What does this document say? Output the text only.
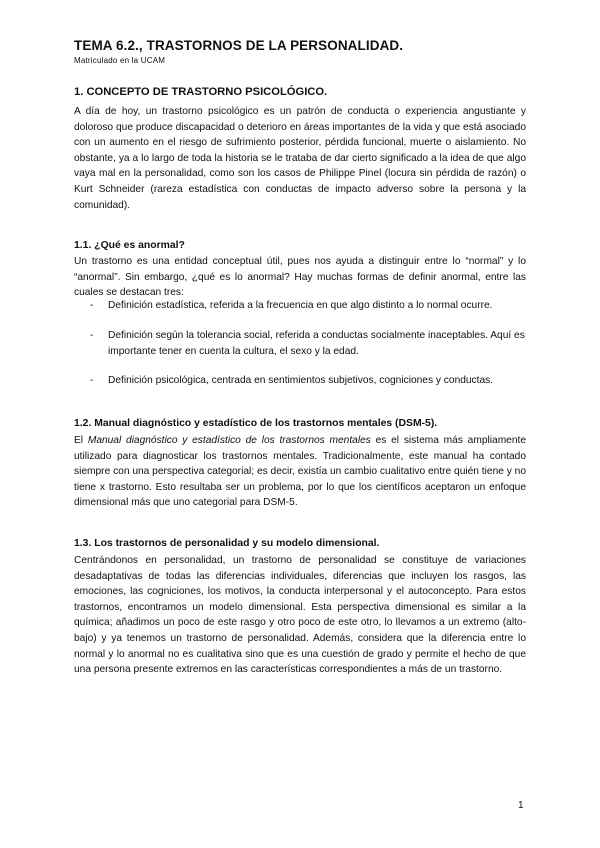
TEMA 6.2., TRASTORNOS DE LA PERSONALIDAD.
Matriculado en la UCAM
1. CONCEPTO DE TRASTORNO PSICOLÓGICO.

A día de hoy, un trastorno psicológico es un patrón de conducta o experiencia angustiante y doloroso que produce discapacidad o deterioro en áreas importantes de la vida y que está asociado con un aumento en el riesgo de sufrimiento posterior, pérdida funcional, muerte o aislamiento. No obstante, ya a lo largo de toda la historia se le trataba de dar cierto significado a la idea de que algo vaya mal en la personalidad, como son los casos de Philippe Pinel (locura sin pérdida de razón) o Kurt Schneider (rareza estadística con conductas de impacto adverso sobre la persona y la comunidad).

1.1. ¿Qué es anormal?

Un trastorno es una entidad conceptual útil, pues nos ayuda a distinguir entre lo “normal” y lo “anormal”. Sin embargo, ¿qué es lo anormal? Hay muchas formas de definir anormal, entre las cuales se destacan tres:

- Definición estadística, referida a la frecuencia en que algo distinto a lo normal ocurre.
- Definición según la tolerancia social, referida a conductas socialmente inaceptables. Aquí es importante tener en cuenta la cultura, el sexo y la edad.
- Definición psicológica, centrada en sentimientos subjetivos, cogniciones y conductas.
1.2. Manual diagnóstico y estadístico de los trastornos mentales (DSM-5).

El Manual diagnóstico y estadístico de los trastornos mentales es el sistema más ampliamente utilizado para diagnosticar los trastornos mentales. Tradicionalmente, este manual ha contado siempre con una perspectiva categorial; es decir, existía un cambio cualitativo entre quién tiene y no tiene x trastorno. Esto resultaba ser un problema, por lo que los científicos aceptaron un enfoque dimensional más que uno categorial para DSM-5.

1.3. Los trastornos de personalidad y su modelo dimensional.

Centrándonos en personalidad, un trastorno de personalidad se constituye de variaciones desadaptativas de todas las diferencias individuales, diferencias que incluyen los rasgos, las emociones, las cogniciones, los motivos, la conducta interpersonal y el autoconcepto. Para estos trastornos, encontramos un modelo dimensional. Esta perspectiva dimensional es similar a la química; añadimos un poco de este rasgo y otro poco de este otro, lo llevamos a un extremo (alto-bajo) y ya tenemos un trastorno de personalidad. Además, considera que la diferencia entre lo normal y lo anormal no es cualitativa sino que es una cuestión de grado y permite el hecho de que una persona presente extremos en las características correspondientes a más de un trastorno.

1
